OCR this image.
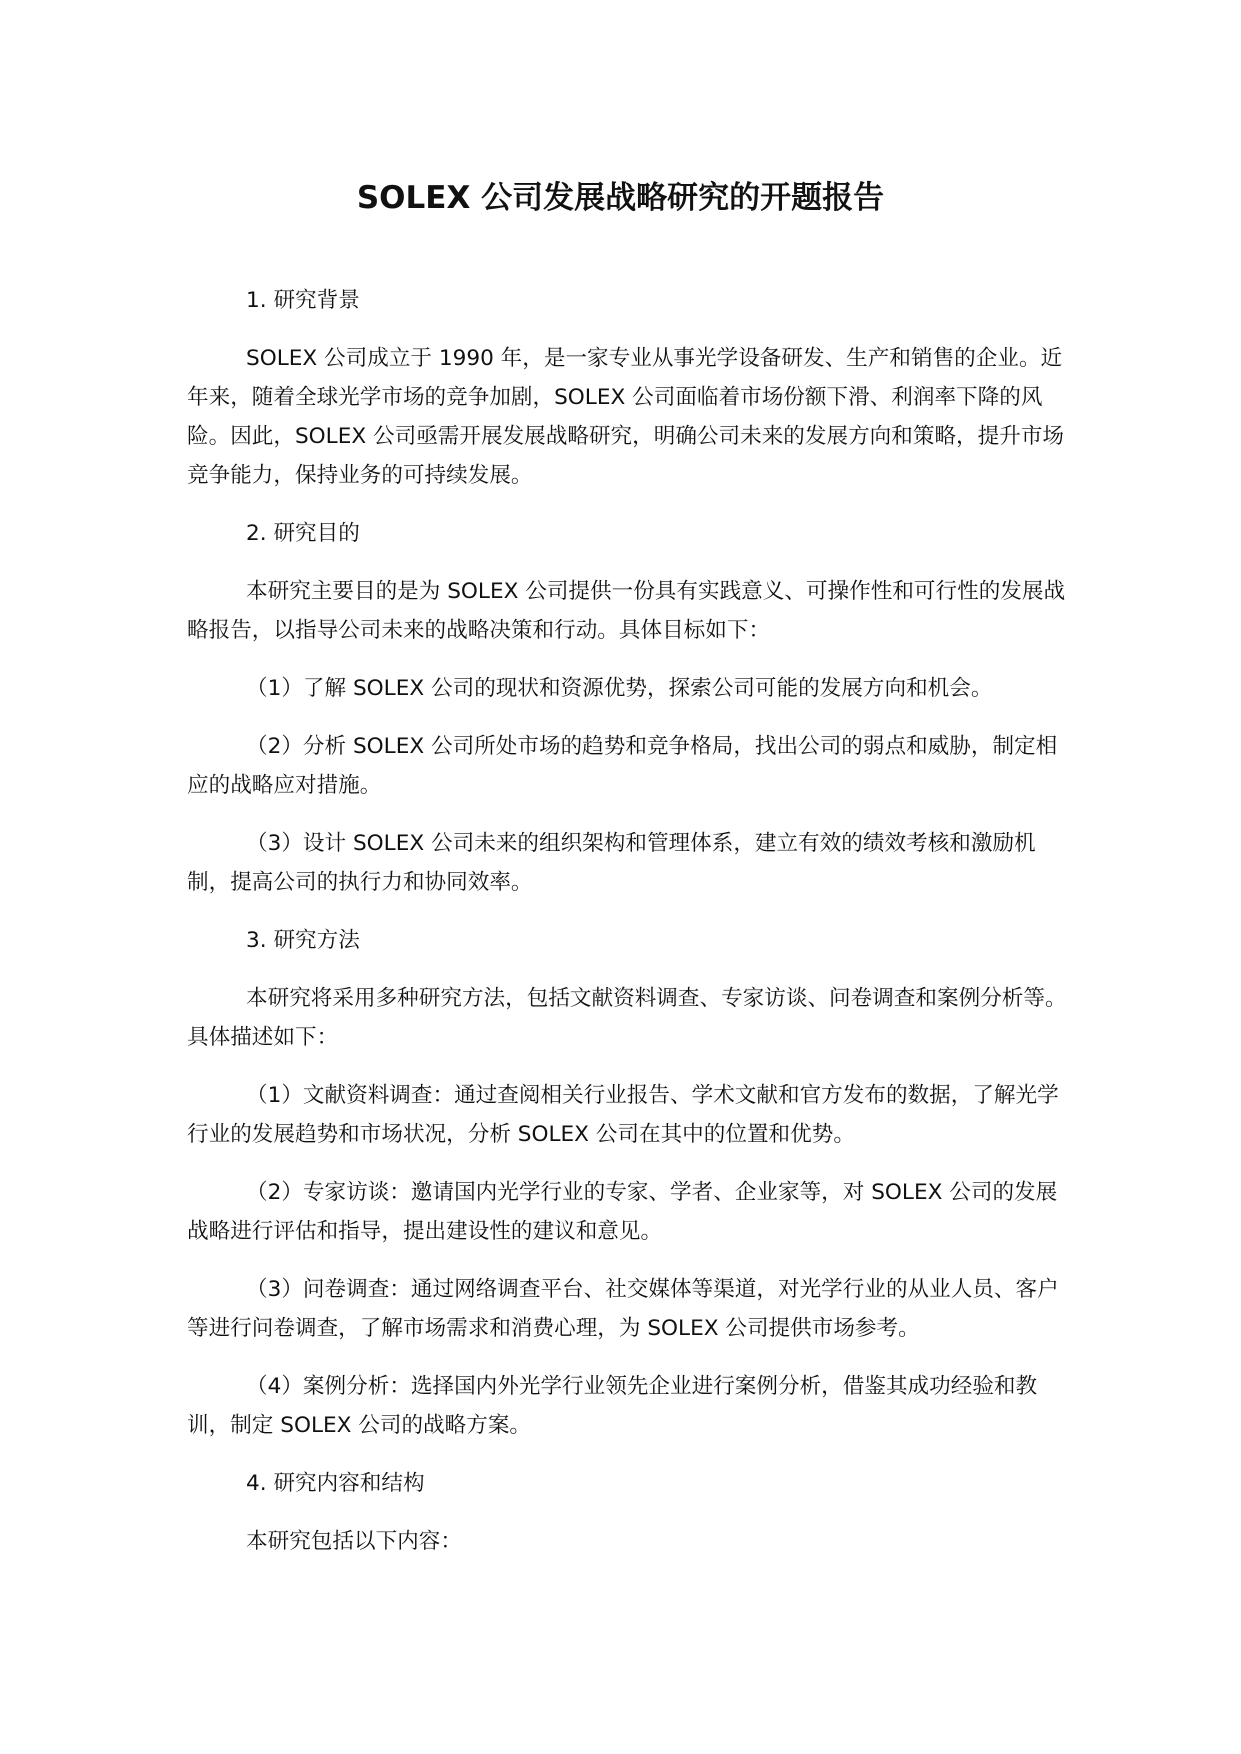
SOLEX 公司发展战略研究的开题报告

1. 研究背景

SOLEX 公司成立于 1990 年，是一家专业从事光学设备研发、生产和销售的企业。近年来，随着全球光学市场的竞争加剧，SOLEX 公司面临着市场份额下滑、利润率下降的风险。因此，SOLEX 公司亟需开展发展战略研究，明确公司未来的发展方向和策略，提升市场竞争能力，保持业务的可持续发展。

2. 研究目的

本研究主要目的是为 SOLEX 公司提供一份具有实践意义、可操作性和可行性的发展战略报告，以指导公司未来的战略决策和行动。具体目标如下：

（1）了解 SOLEX 公司的现状和资源优势，探索公司可能的发展方向和机会。

（2）分析 SOLEX 公司所处市场的趋势和竞争格局，找出公司的弱点和威胁，制定相应的战略应对措施。

（3）设计 SOLEX 公司未来的组织架构和管理体系，建立有效的绩效考核和激励机制，提高公司的执行力和协同效率。

3. 研究方法

本研究将采用多种研究方法，包括文献资料调查、专家访谈、问卷调查和案例分析等。具体描述如下：

（1）文献资料调查：通过查阅相关行业报告、学术文献和官方发布的数据，了解光学行业的发展趋势和市场状况，分析 SOLEX 公司在其中的位置和优势。

（2）专家访谈：邀请国内光学行业的专家、学者、企业家等，对 SOLEX 公司的发展战略进行评估和指导，提出建设性的建议和意见。

（3）问卷调查：通过网络调查平台、社交媒体等渠道，对光学行业的从业人员、客户等进行问卷调查，了解市场需求和消费心理，为 SOLEX 公司提供市场参考。

（4）案例分析：选择国内外光学行业领先企业进行案例分析，借鉴其成功经验和教训，制定 SOLEX 公司的战略方案。

4. 研究内容和结构

本研究包括以下内容：
